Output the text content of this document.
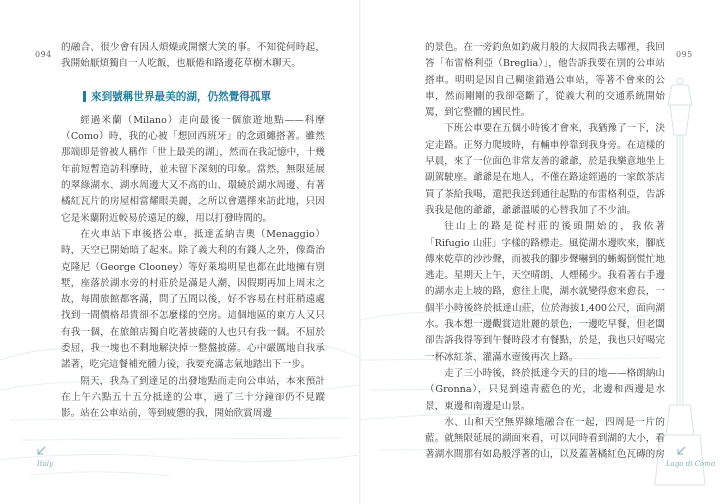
094

的融合、很少會有因人煩燥或開懷大笑的事。不知從何時起，我開始厭煩獨自一人吃飯，也厭倦和路邊花草樹木聊天。

來到號稱世界最美的湖，仍然覺得孤單

經過米蘭（Milano）走向最後一個旅遊地點——科摩（Como）時，我的心被「想回西班牙」的念頭纏搭著。雖然那端即是曾被人稱作「世上最美的湖」，然而在我記憶中，十幾年前短暫造訪科摩時，並未留下深刻的印象。當然，無限延展的翠綠湖水、湖水周邊大又不高的山、環繞於湖水周邊、有著橘紅瓦片的房屋相當耀眼美麗，之所以會選擇來訪此地，只因它是米蘭附近較易於遠足的線，用以打發時間的。

在火車站下車後搭公車，抵達孟納吉奧（Menaggio）時，天空已開始暗了起來。除了義大利的有錢人之外，像喬治克隆尼（George Clooney）等好萊塢明星也都在此地擁有別墅，座落於湖水旁的村莊於是滿是人潮，因假期再加上周末之故，每間旅館都客滿，問了五間以後，好不容易在村莊稍遠處找到一間價格昂貴卻不怎麼樣的空房。這個地區的東方人又只有我一個，在旅館店獨自吃著披薩的人也只有我一個。不屈於委屈，我一塊也不剩地解決掉一整盤披薩。心中嚴厲地自我承諾著，吃完這餐補充體力後，我要充滿志氣地踏出下一步。

隔天，我為了到達足的出發地點而走向公車站，本來預計在上午六點五十五分抵達的公車，過了三十分鐘卻仍不見蹤影。站在公車站前，等到疲憊的我，開始欣賞周邊

Italy
095

的景色。在一旁釣魚如釣歲月般的大叔問我去哪裡，我回答「布雷格利亞（Breglia）」，他告訴我要在別的公車站搭車。明明是因自己糊塗錯過公車站，等著不會來的公車，然而剛剛的我卻毫斷了，從義大利的交通系統開始罵，到它整體的國民性。

下班公車要在五個小時後才會來，我猶豫了一下，決定走路。正努力爬坡時，有輛車停靠到我身旁。在這樣的早晨，來了一位面色非常友善的爺爺，於是我樂意地坐上副駕駛座。爺爺是在地人，不僅在路途經過的一家飲茶店買了茶給我喝，還把我送到通往起點的布雷格利亞，告訴我我是他的爺爺，爺爺溫暖的心替我加了不少油。

往山上的路是從村莊的後頭開始的，我依著「Rifugio 山莊」字樣的路標走。風從湖水邊吹來，腳底傳來乾草的沙沙聲，而被我的腳步聲嚇到的蜥蜴倒慌忙地逃走。星期天上午，天空晴朗、人煙稀少。我看著右手邊的湖水走上坡的路，愈往上爬，湖水就變得愈來愈長，一個半小時後終於抵達山莊，位於海拔1,400公尺，面向湖水。我本想一邊觀賞這壯麗的景色，一邊吃早餐，但老闆卻告訴我得等到午餐時段才有餐點，於是，我也只好喝完一杯冰紅茶、灌滿水壺後再次上路。

走了三小時後，終於抵達今天的目的地——格朗納山（Gronna），只見到遠青藍色的光，北邊和西邊是水景，東邊和南邊是山景。

水、山和天空無界線地融合在一起，四周是一片的藍。就無限延展的湖面來看，可以同時看到湖的大小，看著湖水間那有如島般浮著的山，以及蓋著橘紅色瓦磚的房

Lago di Como
